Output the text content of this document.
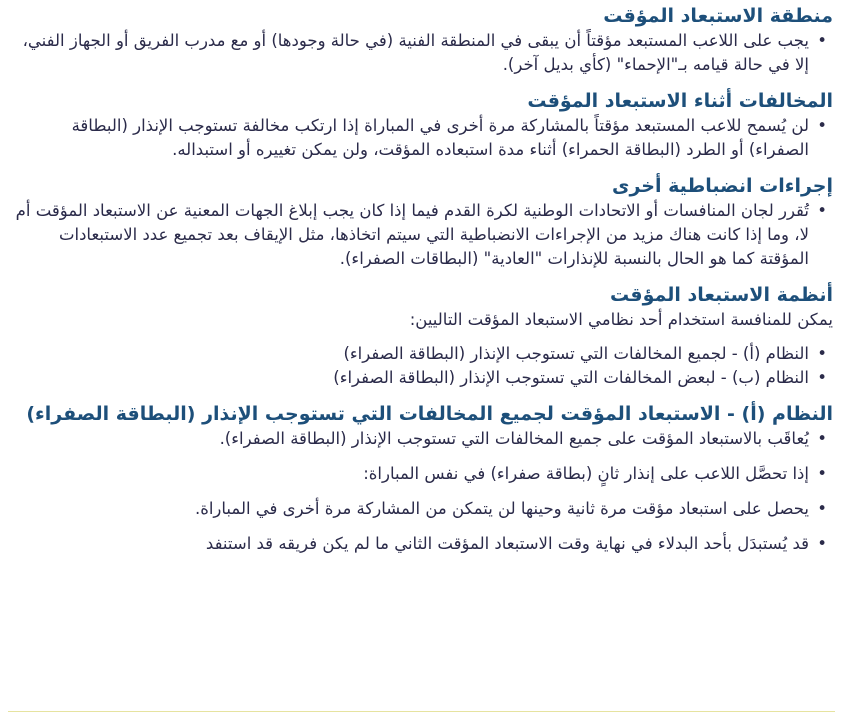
منطقة الاستبعاد المؤقت
• يجب على اللاعب المستبعد مؤقتاً أن يبقى في المنطقة الفنية (في حالة وجودها) أو مع مدرب الفريق أو الجهاز الفني، إلا في حالة قيامه بـ"الإحماء" (كأي بديل آخر).
المخالفات أثناء الاستبعاد المؤقت
• لن يُسمح للاعب المستبعد مؤقتاً بالمشاركة مرة أخرى في المباراة إذا ارتكب مخالفة تستوجب الإنذار (البطاقة الصفراء) أو الطرد (البطاقة الحمراء) أثناء مدة استبعاده المؤقت، ولن يمكن تغييره أو استبداله.
إجراءات انضباطية أخرى
• تُقرر لجان المنافسات أو الاتحادات الوطنية لكرة القدم فيما إذا كان يجب إبلاغ الجهات المعنية عن الاستبعاد المؤقت أم لا، وما إذا كانت هناك مزيد من الإجراءات الانضباطية التي سيتم اتخاذها، مثل الإيقاف بعد تجميع عدد الاستبعادات المؤقتة كما هو الحال بالنسبة للإنذارات "العادية" (البطاقات الصفراء).
أنظمة الاستبعاد المؤقت

يمكن للمنافسة استخدام أحد نظامي الاستبعاد المؤقت التاليين:

• النظام (أ) - لجميع المخالفات التي تستوجب الإنذار (البطاقة الصفراء)
• النظام (ب) - لبعض المخالفات التي تستوجب الإنذار (البطاقة الصفراء)
النظام (أ) - الاستبعاد المؤقت لجميع المخالفات التي تستوجب الإنذار (البطاقة الصفراء)
• يُعاقَب بالاستبعاد المؤقت على جميع المخالفات التي تستوجب الإنذار (البطاقة الصفراء).
• إذا تحصَّل اللاعب على إنذار ثانٍ (بطاقة صفراء) في نفس المباراة:
• يحصل على استبعاد مؤقت مرة ثانية وحينها لن يتمكن من المشاركة مرة أخرى في المباراة.
• قد يُستبدَل بأحد البدلاء في نهاية وقت الاستبعاد المؤقت الثاني ما لم يكن فريقه قد استنفد
